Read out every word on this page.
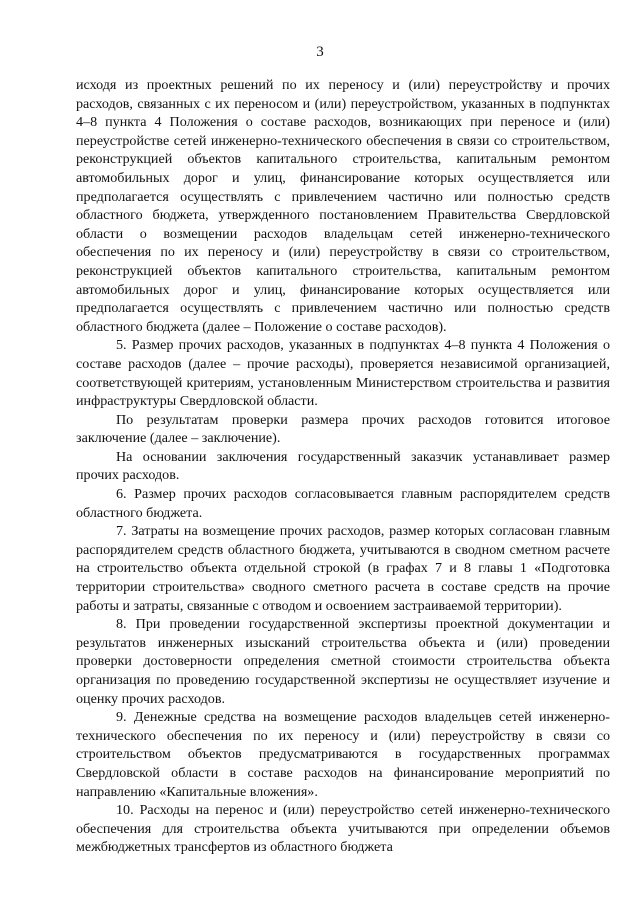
3

исходя из проектных решений по их переносу и (или) переустройству и прочих расходов, связанных с их переносом и (или) переустройством, указанных в подпунктах 4–8 пункта 4 Положения о составе расходов, возникающих при переносе и (или) переустройстве сетей инженерно-технического обеспечения в связи со строительством, реконструкцией объектов капитального строительства, капитальным ремонтом автомобильных дорог и улиц, финансирование которых осуществляется или предполагается осуществлять с привлечением частично или полностью средств областного бюджета, утвержденного постановлением Правительства Свердловской области о возмещении расходов владельцам сетей инженерно-технического обеспечения по их переносу и (или) переустройству в связи со строительством, реконструкцией объектов капитального строительства, капитальным ремонтом автомобильных дорог и улиц, финансирование которых осуществляется или предполагается осуществлять с привлечением частично или полностью средств областного бюджета (далее – Положение о составе расходов).

5. Размер прочих расходов, указанных в подпунктах 4–8 пункта 4 Положения о составе расходов (далее – прочие расходы), проверяется независимой организацией, соответствующей критериям, установленным Министерством строительства и развития инфраструктуры Свердловской области.

По результатам проверки размера прочих расходов готовится итоговое заключение (далее – заключение).

На основании заключения государственный заказчик устанавливает размер прочих расходов.

6. Размер прочих расходов согласовывается главным распорядителем средств областного бюджета.

7. Затраты на возмещение прочих расходов, размер которых согласован главным распорядителем средств областного бюджета, учитываются в сводном сметном расчете на строительство объекта отдельной строкой (в графах 7 и 8 главы 1 «Подготовка территории строительства» сводного сметного расчета в составе средств на прочие работы и затраты, связанные с отводом и освоением застраиваемой территории).

8. При проведении государственной экспертизы проектной документации и результатов инженерных изысканий строительства объекта и (или) проведении проверки достоверности определения сметной стоимости строительства объекта организация по проведению государственной экспертизы не осуществляет изучение и оценку прочих расходов.

9. Денежные средства на возмещение расходов владельцев сетей инженерно-технического обеспечения по их переносу и (или) переустройству в связи со строительством объектов предусматриваются в государственных программах Свердловской области в составе расходов на финансирование мероприятий по направлению «Капитальные вложения».

10. Расходы на перенос и (или) переустройство сетей инженерно-технического обеспечения для строительства объекта учитываются при определении объемов межбюджетных трансфертов из областного бюджета
